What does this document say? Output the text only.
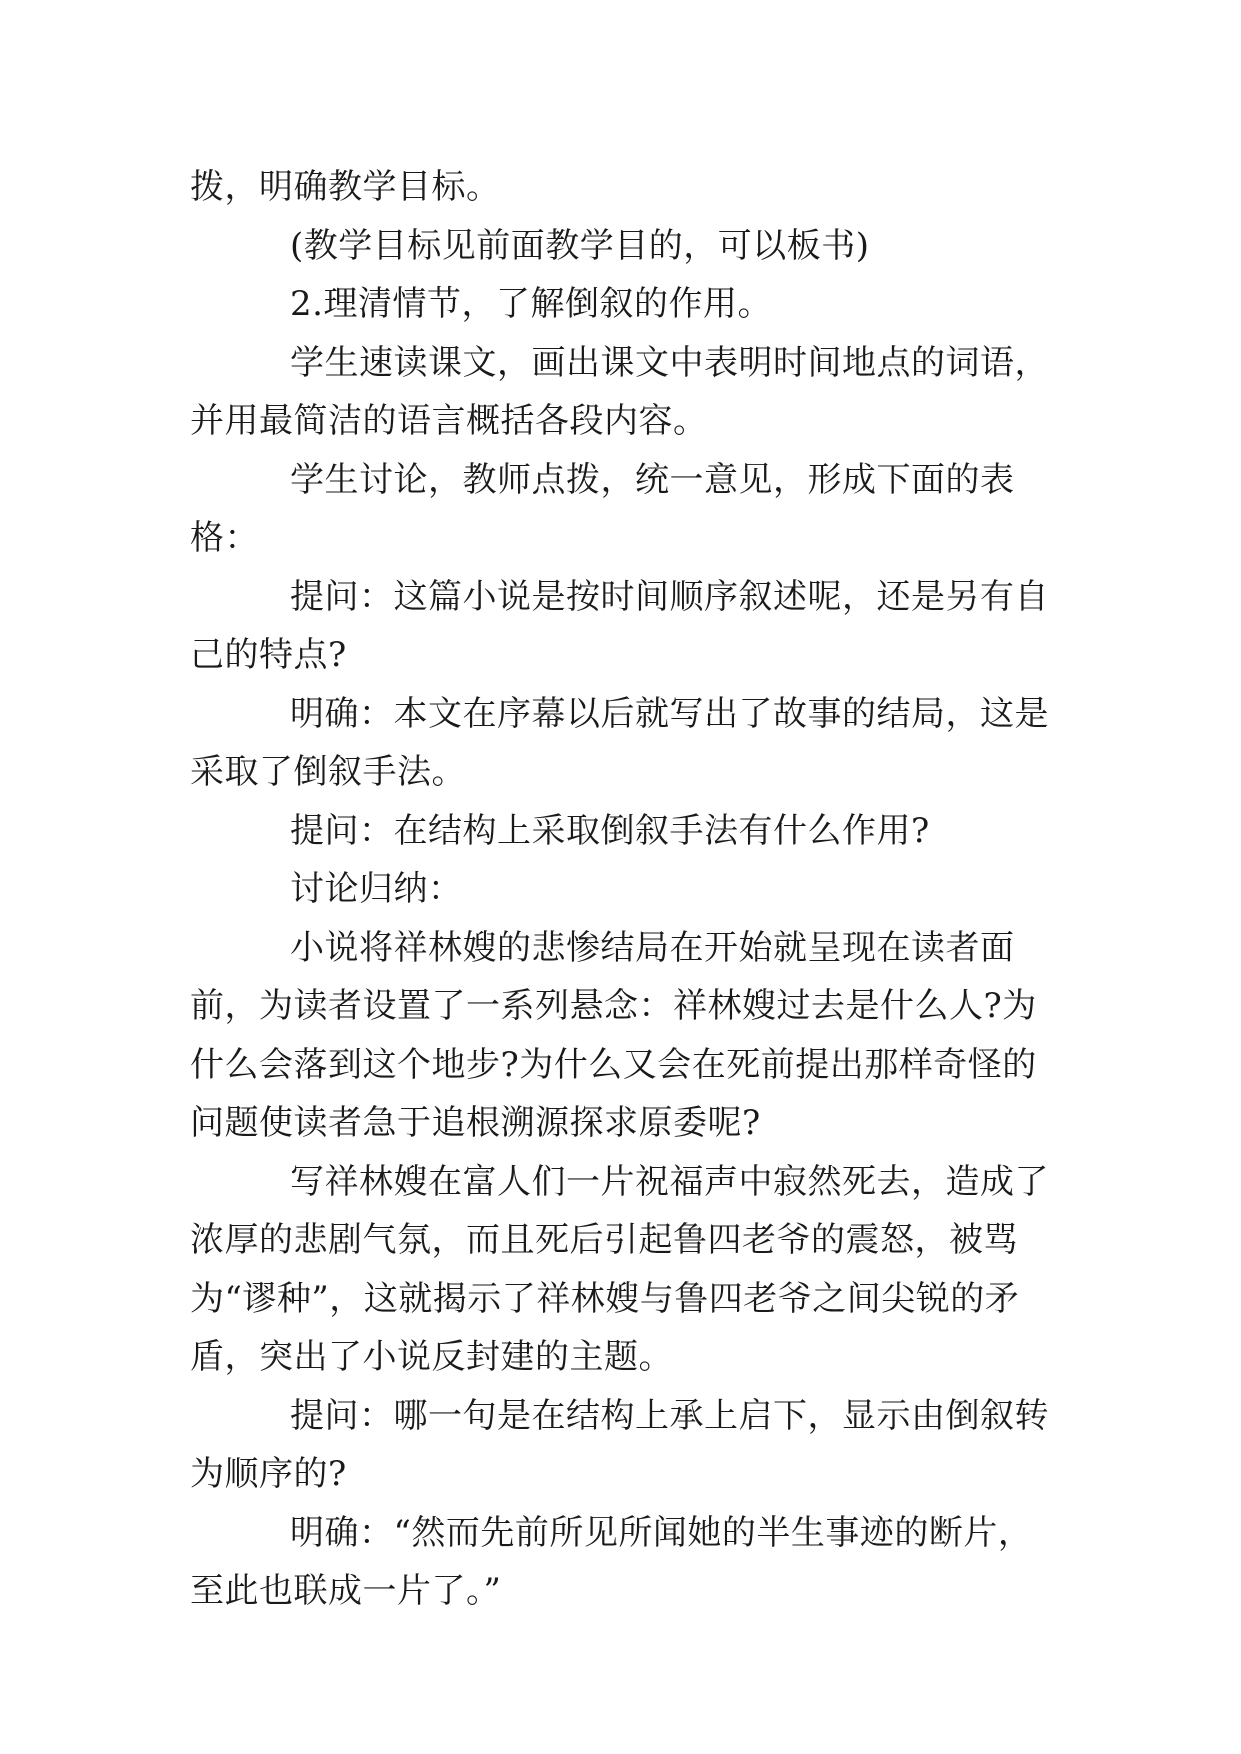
拨，明确教学目标。

(教学目标见前面教学目的，可以板书)

2.理清情节，了解倒叙的作用。

学生速读课文，画出课文中表明时间地点的词语，并用最简洁的语言概括各段内容。

学生讨论，教师点拨，统一意见，形成下面的表格：

提问：这篇小说是按时间顺序叙述呢，还是另有自己的特点?

明确：本文在序幕以后就写出了故事的结局，这是采取了倒叙手法。

提问：在结构上采取倒叙手法有什么作用?

讨论归纳：

小说将祥林嫂的悲惨结局在开始就呈现在读者面前，为读者设置了一系列悬念：祥林嫂过去是什么人?为什么会落到这个地步?为什么又会在死前提出那样奇怪的问题使读者急于追根溯源探求原委呢?

写祥林嫂在富人们一片祝福声中寂然死去，造成了浓厚的悲剧气氛，而且死后引起鲁四老爷的震怒，被骂为“谬种”，这就揭示了祥林嫂与鲁四老爷之间尖锐的矛盾，突出了小说反封建的主题。

提问：哪一句是在结构上承上启下，显示由倒叙转为顺序的?

明确：“然而先前所见所闻她的半生事迹的断片，至此也联成一片了。”
